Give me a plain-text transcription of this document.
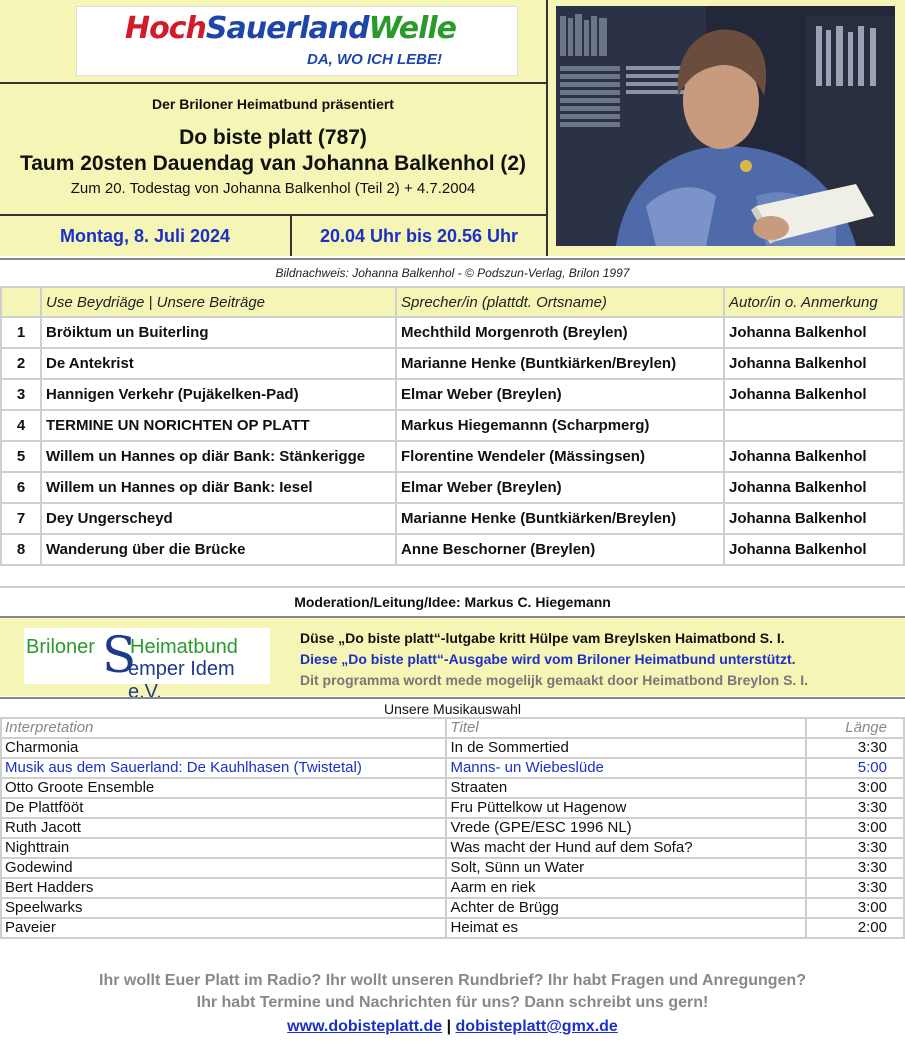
HochSauerlandWelle
DA, WO ICH LEBE!
Der Briloner Heimatbund präsentiert
Do biste platt (787)
Taum 20sten Dauendag van Johanna Balkenhol (2)
Zum 20. Todestag von Johanna Balkenhol (Teil 2) + 4.7.2004
Montag, 8. Juli 2024	20.04 Uhr bis 20.56 Uhr
Bildnachweis: Johanna Balkenhol - © Podszun-Verlag, Brilon 1997
	Use Beydriäge | Unsere Beiträge	Sprecher/in (plattdt. Ortsname)	Autor/in o. Anmerkung
1	Bröiktum un Buiterling	Mechthild Morgenroth (Breylen)	Johanna Balkenhol
2	De Antekrist	Marianne Henke (Buntkiärken/Breylen)	Johanna Balkenhol
3	Hannigen Verkehr (Pujäkelken-Pad)	Elmar Weber (Breylen)	Johanna Balkenhol
4	TERMINE UN NORICHTEN OP PLATT	Markus Hiegemannn (Scharpmerg)	
5	Willem un Hannes op diär Bank: Stänkerigge	Florentine Wendeler (Mässingsen)	Johanna Balkenhol
6	Willem un Hannes op diär Bank: Iesel	Elmar Weber (Breylen)	Johanna Balkenhol
7	Dey Ungerscheyd	Marianne Henke (Buntkiärken/Breylen)	Johanna Balkenhol
8	Wanderung über die Brücke	Anne Beschorner (Breylen)	Johanna Balkenhol
Moderation/Leitung/Idee: Markus C. Hiegemann
Briloner S
Heimatbund
emper Idem e.V.
Düse „Do biste platt“-lutgabe kritt Hülpe vam Breylsken Haimatbond S. I.
Diese „Do biste platt“-Ausgabe wird vom Briloner Heimatbund unterstützt.
Dit programma wordt mede mogelijk gemaakt door Heimatbond Breylon S. I.
Unsere Musikauswahl
Interpretation	Titel	Länge
Charmonia	In de Sommertied	3:30
Musik aus dem Sauerland: De Kauhlhasen (Twistetal)	Manns- un Wiebeslüde	5:00
Otto Groote Ensemble	Straaten	3:00
De Plattfööt	Fru Püttelkow ut Hagenow	3:30
Ruth Jacott	Vrede (GPE/ESC 1996 NL)	3:00
Nighttrain	Was macht der Hund auf dem Sofa?	3:30
Godewind	Solt, Sünn un Water	3:30
Bert Hadders	Aarm en riek	3:30
Speelwarks	Achter de Brügg	3:00
Paveier	Heimat es	2:00
Ihr wollt Euer Platt im Radio? Ihr wollt unseren Rundbrief? Ihr habt Fragen und Anregungen?
Ihr habt Termine und Nachrichten für uns? Dann schreibt uns gern!
www.dobisteplatt.de | dobisteplatt@gmx.de
